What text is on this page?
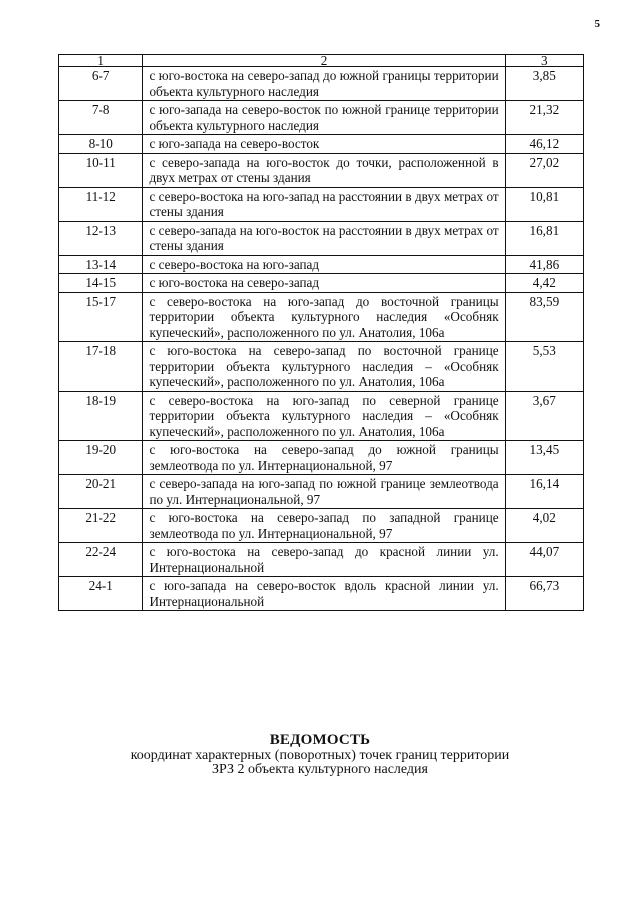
5
1	2	3
6-7	с юго-востока на северо-запад до южной границы территории объекта культурного наследия	3,85
7-8	с юго-запада на северо-восток по южной границе территории объекта культурного наследия	21,32
8-10	с юго-запада на северо-восток	46,12
10-11	с северо-запада на юго-восток до точки, расположенной в двух метрах от стены здания	27,02
11-12	с северо-востока на юго-запад на расстоянии в двух метрах от стены здания	10,81
12-13	с северо-запада на юго-восток на расстоянии в двух метрах от стены здания	16,81
13-14	с северо-востока на юго-запад	41,86
14-15	с юго-востока на северо-запад	4,42
15-17	с северо-востока на юго-запад до восточной границы территории объекта культурного наследия «Особняк купеческий», расположенного по ул. Анатолия, 106а	83,59
17-18	с юго-востока на северо-запад по восточной границе территории объекта культурного наследия – «Особняк купеческий», расположенного по ул. Анатолия, 106а	5,53
18-19	с северо-востока на юго-запад по северной границе территории объекта культурного наследия – «Особняк купеческий», расположенного по ул. Анатолия, 106а	3,67
19-20	с юго-востока на северо-запад до южной границы землеотвода по ул. Интернациональной, 97	13,45
20-21	с северо-запада на юго-запад по южной границе землеотвода по ул. Интернациональной, 97	16,14
21-22	с юго-востока на северо-запад по западной границе землеотвода по ул. Интернациональной, 97	4,02
22-24	с юго-востока на северо-запад до красной линии ул. Интернациональной	44,07
24-1	с юго-запада на северо-восток вдоль красной линии ул. Интернациональной	66,73
ВЕДОМОСТЬ
координат характерных (поворотных) точек границ территории
ЗРЗ 2 объекта культурного наследия
